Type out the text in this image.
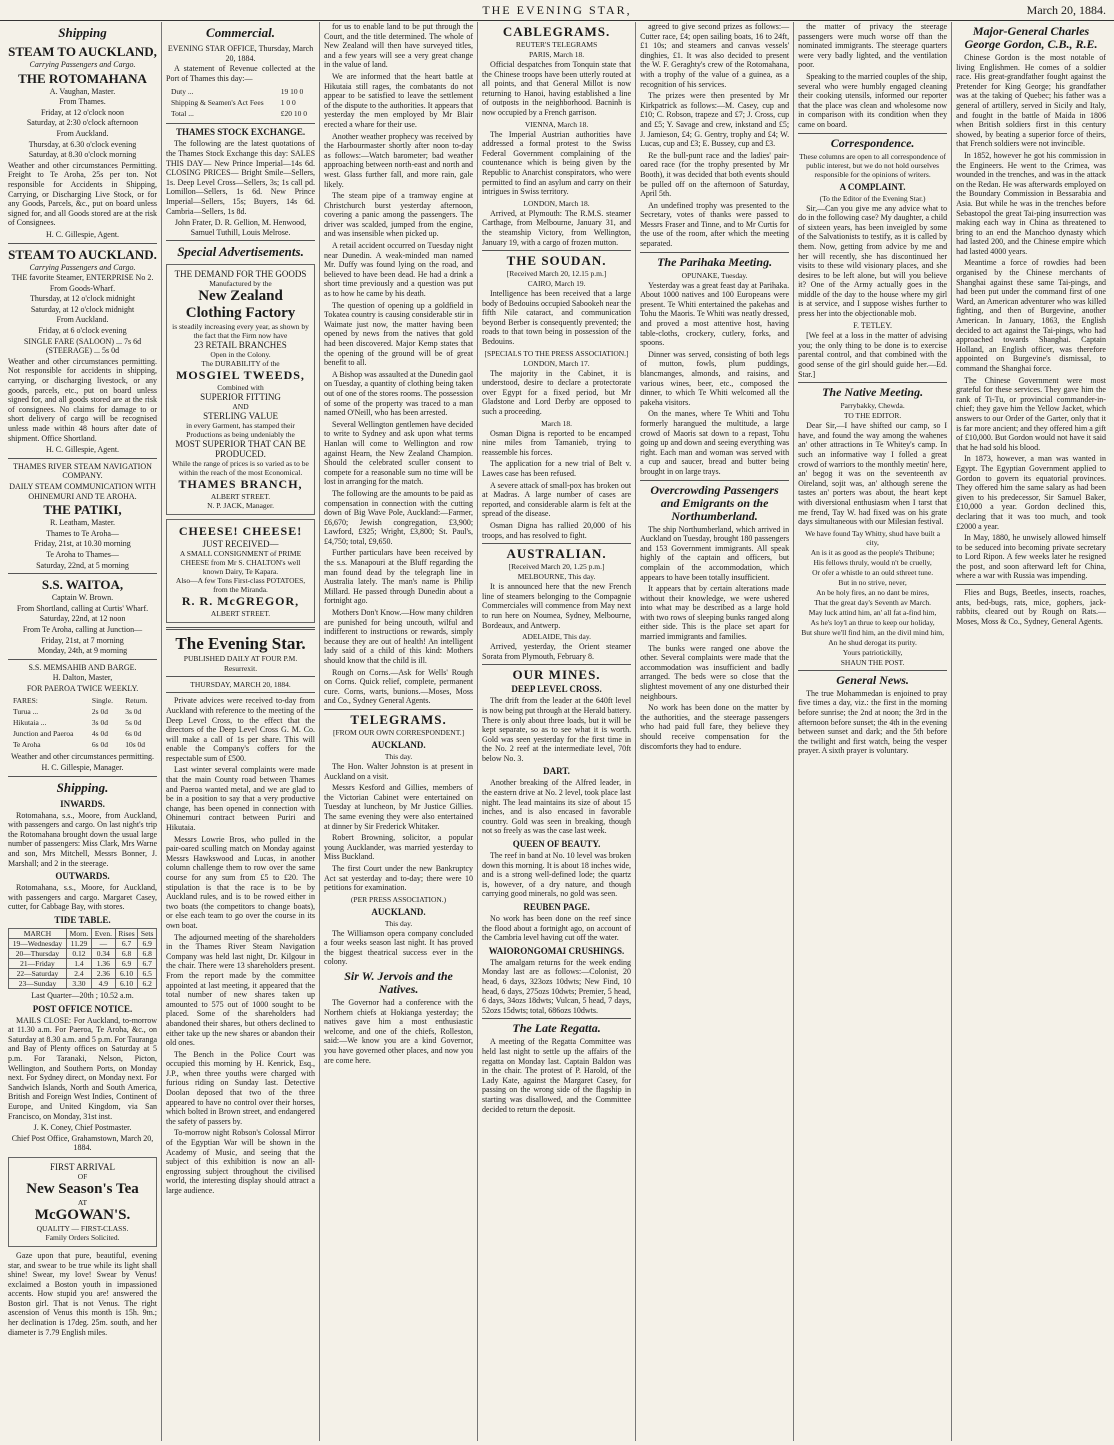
THE EVENING STAR,	March 20, 1884.
Shipping
STEAM TO AUCKLAND,
Carrying Passengers and Cargo.
THE ROTOMAHANA
A. Vaughan, Master.
From Thames.
Friday, at 12 o'clock noon
Saturday, at 2:30 o'clock afternoon
From Auckland.
Thursday, at 6.30 o'clock evening
Saturday, at 8.30 o'clock morning

Weather and other circumstances Permitting. Freight to Te Aroha, 25s per ton. Not responsible for Accidents in Shipping, Carrying, or Discharging Live Stock, or for any Goods, Parcels, &c., put on board unless signed for, and all Goods stored are at the risk of Consignees.

H. C. Gillespie, Agent.
STEAM TO AUCKLAND.
Carrying Passengers and Cargo.
THE favorite Steamer, ENTERPRISE No 2.
From Goods-Wharf.
Thursday, at 12 o'clock midnight
Saturday, at 12 o'clock midnight
From Auckland.
Friday, at 6 o'clock evening
SINGLE FARE (SALOON) ... 7s 6d (STEERAGE) ... 5s 0d

Weather and other circumstances permitting. Not responsible for accidents in shipping, carrying, or discharging livestock, or any goods, parcels, etc., put on board unless signed for, and all goods stored are at the risk of consignees. No claims for damage to or short delivery of cargo will be recognised unless made within 48 hours after date of shipment. Office Shortland.

H. C. Gillespie, Agent.
THAMES RIVER STEAM NAVIGATION COMPANY.
DAILY STEAM COMMUNICATION WITH OHINEMURI AND TE AROHA.
THE PATIKI,
R. Leatham, Master.
Thames to Te Aroha—
Friday, 21st, at 10.30 morning
Te Aroha to Thames—
Saturday, 22nd, at 5 morning
S.S. WAITOA,
Captain W. Brown.
From Shortland, calling at Curtis' Wharf.
Saturday, 22nd, at 12 noon
From Te Aroha, calling at Junction—
Friday, 21st, at 7 morning
Monday, 24th, at 9 morning
S.S. MEMSAHIB AND BARGE.
H. Dalton, Master,
FOR PAEROA TWICE WEEKLY.
FARES:	Single.	Return.
Turua ...	2s 0d	3s 0d
Hikutaia ...	3s 0d	5s 0d
Junction and Paeroa	4s 0d	6s 0d
Te Aroha	6s 0d	10s 0d
Weather and other circumstances permitting.
H. C. Gillespie, Manager.
Shipping.
INWARDS.

Rotomahana, s.s., Moore, from Auckland, with passengers and cargo. On last night's trip the Rotomahana brought down the usual large number of passengers: Miss Clark, Mrs Warne and son, Mrs Mitchell, Messrs Bonner, J. Marshall; and 2 in the steerage.

OUTWARDS.

Rotomahana, s.s., Moore, for Auckland, with passengers and cargo. Margaret Casey, cutter, for Cabbage Bay, with stores.

TIDE TABLE.
MARCH	Morn.	Even.	Rises	Sets
19—Wednesday	11.29	—	6.7	6.9
20—Thursday	0.12	0.34	6.8	6.8
21—Friday	1.4	1.36	6.9	6.7
22—Saturday	2.4	2.36	6.10	6.5
23—Sunday	3.30	4.9	6.10	6.2
Last Quarter—20th ; 10.52 a.m.
POST OFFICE NOTICE.

MAILS CLOSE: For Auckland, to-morrow at 11.30 a.m. For Paeroa, Te Aroha, &c., on Saturday at 8.30 a.m. and 5 p.m. For Tauranga and Bay of Plenty offices on Saturday at 5 p.m. For Taranaki, Nelson, Picton, Wellington, and Southern Ports, on Monday next. For Sydney direct, on Monday next. For Sandwich Islands, North and South America, British and Foreign West Indies, Continent of Europe, and United Kingdom, via San Francisco, on Monday, 31st inst.

J. K. Coney, Chief Postmaster.
Chief Post Office, Grahamstown, March 20, 1884.
FIRST ARRIVAL
OF
New Season's Tea
AT
McGOWAN'S.
QUALITY — FIRST-CLASS.
Family Orders Solicited.

Gaze upon that pure, beautiful, evening star, and swear to be true while its light shall shine! Swear, my love! Swear by Venus! exclaimed a Boston youth in impassioned accents. How stupid you are! answered the Boston girl. That is not Venus. The right ascension of Venus this month is 15h. 9m.; her declination is 17deg. 25m. south, and her diameter is 7.79 English miles.

Commercial.
EVENING STAR OFFICE, Thursday, March 20, 1884.

A statement of Revenue collected at the Port of Thames this day:—

Duty ...	19 10 0
Shipping & Seamen's Act Fees	1 0 0
Total ...	£20 10 0
THAMES STOCK EXCHANGE.

The following are the latest quotations of the Thames Stock Exchange this day: SALES THIS DAY— New Prince Imperial—14s 6d. CLOSING PRICES— Bright Smile—Sellers, 1s. Deep Level Cross—Sellers, 3s; 1s call pd. Lomillon—Sellers, 1s 6d. New Prince Imperial—Sellers, 15s; Buyers, 14s 6d. Cambria—Sellers, 1s 8d.

John Frater, D. R. Gellion, M. Henwood, Samuel Tuthill, Louis Melrose.
Special Advertisements.
THE DEMAND FOR THE GOODS
Manufactured by the
New Zealand Clothing Factory
is steadily increasing every year, as shown by the fact that the Firm now have
23 RETAIL BRANCHES
Open in the Colony.
The DURABILITY of the
MOSGIEL TWEEDS,
Combined with
SUPERIOR FITTING
AND
STERLING VALUE
in every Garment, has stamped their Productions as being undeniably the
MOST SUPERIOR THAT CAN BE PRODUCED.
While the range of prices is so varied as to be within the reach of the most Economical.
THAMES BRANCH,
ALBERT STREET.
N. P. JACK, Manager.
CHEESE! CHEESE!
JUST RECEIVED—
A SMALL CONSIGNMENT of PRIME CHEESE from Mr S. CHALTON's well known Dairy, Te Kapara.
Also—A few Tons First-class POTATOES, from the Miranda.
R. R. McGREGOR,
ALBERT STREET.
The Evening Star.
PUBLISHED DAILY AT FOUR P.M.
Resurrexit.
THURSDAY, MARCH 20, 1884.

Private advices were received to-day from Auckland with reference to the meeting of the Deep Level Cross, to the effect that the directors of the Deep Level Cross G. M. Co. will make a call of 1s per share. This will enable the Company's coffers for the respectable sum of £500.

Last winter several complaints were made that the main County road between Thames and Paeroa wanted metal, and we are glad to be in a position to say that a very productive change, has been opened in connection with Ohinemuri contract between Puriri and Hikutaia.

Messrs Lowrie Bros, who pulled in the pair-oared sculling match on Monday against Messrs Hawkswood and Lucas, in another column challenge them to row over the same course for any sum from £5 to £20. The stipulation is that the race is to be by Auckland rules, and is to be rowed either in two boats (the competitors to change boats), or else each team to go over the course in its own boat.

The adjourned meeting of the shareholders in the Thames River Steam Navigation Company was held last night, Dr. Kilgour in the chair. There were 13 shareholders present. From the report made by the committee appointed at last meeting, it appeared that the total number of new shares taken up amounted to 575 out of 1000 sought to be placed. Some of the shareholders had abandoned their shares, but others declined to either take up the new shares or abandon their old ones.

The Bench in the Police Court was occupied this morning by H. Kenrick, Esq., J.P., when three youths were charged with furious riding on Sunday last. Detective Doolan deposed that two of the three appeared to have no control over their horses, which bolted in Brown street, and endangered the safety of passers by.

To-morrow night Robson's Colossal Mirror of the Egyptian War will be shown in the Academy of Music, and seeing that the subject of this exhibition is now an all-engrossing subject throughout the civilised world, the interesting display should attract a large audience.

for us to enable land to be put through the Court, and the title determined. The whole of New Zealand will then have surveyed titles, and a few years will see a very great change in the value of land.

We are informed that the heart battle at Hikutaia still rages, the combatants do not appear to be satisfied to leave the settlement of the dispute to the authorities. It appears that yesterday the men employed by Mr Blair erected a whare for their use.

Another weather prophecy was received by the Harbourmaster shortly after noon to-day as follows:—Watch barometer; bad weather approaching between north-east and north and west. Glass further fall, and more rain, gale likely.

The steam pipe of a tramway engine at Christchurch burst yesterday afternoon, covering a panic among the passengers. The driver was scalded, jumped from the engine, and was insensible when picked up.

A retail accident occurred on Tuesday night near Dunedin. A weak-minded man named Mr. Duffy was found lying on the road, and believed to have been dead. He had a drink a short time previously and a question was put as to how he came by his death.

The question of opening up a goldfield in Tokatea country is causing considerable stir in Waimate just now, the matter having been opened by news from the natives that gold had been discovered. Major Kemp states that the opening of the ground will be of great benefit to all.

A Bishop was assaulted at the Dunedin gaol on Tuesday, a quantity of clothing being taken out of one of the stores rooms. The possession of some of the property was traced to a man named O'Neill, who has been arrested.

Several Wellington gentlemen have decided to write to Sydney and ask upon what terms Hanlan will come to Wellington and row against Hearn, the New Zealand Champion. Should the celebrated sculler consent to compete for a reasonable sum no time will be lost in arranging for the match.

The following are the amounts to be paid as compensation in connection with the cutting down of Big Wave Pole, Auckland:—Farmer, £6,670; Jewish congregation, £3,900; Lawford, £325; Wright, £3,800; St. Paul's, £4,750; total, £9,650.

Further particulars have been received by the s.s. Manapouri at the Bluff regarding the man found dead by the telegraph line in Australia lately. The man's name is Philip Millard. He passed through Dunedin about a fortnight ago.

Mothers Don't Know.—How many children are punished for being uncouth, wilful and indifferent to instructions or rewards, simply because they are out of health! An intelligent lady said of a child of this kind: Mothers should know that the child is ill.

Rough on Corns.—Ask for Wells' Rough on Corns. Quick relief, complete, permanent cure. Corns, warts, bunions.—Moses, Moss and Co., Sydney General Agents.

TELEGRAMS.
[FROM OUR OWN CORRESPONDENT.]
AUCKLAND.
This day.

The Hon. Walter Johnston is at present in Auckland on a visit.

Messrs Kesford and Gillies, members of the Victorian Cabinet were entertained on Tuesday at luncheon, by Mr Justice Gillies. The same evening they were also entertained at dinner by Sir Frederick Whitaker.

Robert Browning, solicitor, a popular young Aucklander, was married yesterday to Miss Buckland.

The first Court under the new Bankruptcy Act sat yesterday and to-day; there were 10 petitions for examination.

(PER PRESS ASSOCIATION.)
AUCKLAND.
This day.

The Williamson opera company concluded a four weeks season last night. It has proved the biggest theatrical success ever in the colony.

Sir W. Jervois and the Natives.

The Governor had a conference with the Northern chiefs at Hokianga yesterday; the natives gave him a most enthusiastic welcome, and one of the chiefs, Rolleston, said:—We know you are a kind Governor, you have governed other places, and now you are come here.

CABLEGRAMS.
REUTER'S TELEGRAMS
PARIS, March 18.

Official despatches from Tonquin state that the Chinese troops have been utterly routed at all points, and that General Millot is now returning to Hanoi, having established a line of outposts in the neighborhood. Bacninh is now occupied by a French garrison.

VIENNA, March 18.

The Imperial Austrian authorities have addressed a formal protest to the Swiss Federal Government complaining of the countenance which is being given by the Republic to Anarchist conspirators, who were permitted to find an asylum and carry on their intrigues in Swiss territory.

LONDON, March 18.

Arrived, at Plymouth: The R.M.S. steamer Carthage, from Melbourne, January 31, and the steamship Victory, from Wellington, January 19, with a cargo of frozen mutton.

THE SOUDAN.
[Received March 20, 12.15 p.m.]
CAIRO, March 19.

Intelligence has been received that a large body of Bedouins occupied Sabookeh near the fifth Nile cataract, and communication beyond Berber is consequently prevented; the roads to that town being in possession of the Bedouins.

[SPECIALS TO THE PRESS ASSOCIATION.]
LONDON, March 17.

The majority in the Cabinet, it is understood, desire to declare a protectorate over Egypt for a fixed period, but Mr Gladstone and Lord Derby are opposed to such a proceeding.

March 18.

Osman Digna is reported to be encamped nine miles from Tamanieb, trying to reassemble his forces.

The application for a new trial of Belt v. Lawes case has been refused.

A severe attack of small-pox has broken out at Madras. A large number of cases are reported, and considerable alarm is felt at the spread of the disease.

Osman Digna has rallied 20,000 of his troops, and has resolved to fight.

AUSTRALIAN.
[Received March 20, 1.25 p.m.]
MELBOURNE, This day.

It is announced here that the new French line of steamers belonging to the Compagnie Commerciales will commence from May next to run here on Noumea, Sydney, Melbourne, Bordeaux, and Antwerp.

ADELAIDE, This day.

Arrived, yesterday, the Orient steamer Sorata from Plymouth, February 8.

OUR MINES.
DEEP LEVEL CROSS.

The drift from the leader at the 640ft level is now being put through at the Herald battery. There is only about three loads, but it will be kept separate, so as to see what it is worth. Gold was seen yesterday for the first time in the No. 2 reef at the intermediate level, 70ft below No. 3.

DART.

Another breaking of the Alfred leader, in the eastern drive at No. 2 level, took place last night. The lead maintains its size of about 15 inches, and is also encased in favorable country. Gold was seen in breaking, though not so freely as was the case last week.

QUEEN OF BEAUTY.

The reef in band at No. 10 level was broken down this morning. It is about 18 inches wide, and is a strong well-defined lode; the quartz is, however, of a dry nature, and though carrying good minerals, no gold was seen.

REUBEN PAGE.

No work has been done on the reef since the flood about a fortnight ago, on account of the Cambria level having cut off the water.

WAIORONGOMAI CRUSHINGS.

The amalgam returns for the week ending Monday last are as follows:—Colonist, 20 head, 6 days, 323ozs 10dwts; New Find, 10 head, 6 days, 275ozs 10dwts; Premier, 5 head, 6 days, 34ozs 18dwts; Vulcan, 5 head, 7 days, 52ozs 15dwts; total, 686ozs 10dwts.

The Late Regatta.

A meeting of the Regatta Committee was held last night to settle up the affairs of the regatta on Monday last. Captain Baldon was in the chair. The protest of P. Harold, of the Lady Kate, against the Margaret Casey, for passing on the wrong side of the flagship in starting was disallowed, and the Committee decided to return the deposit.

agreed to give second prizes as follows:—Cutter race, £4; open sailing boats, 16 to 24ft, £1 10s; and steamers and canvas vessels' dinghies, £1. It was also decided to present the W. F. Geraghty's crew of the Rotomahana, with a trophy of the value of a guinea, as a recognition of his services.

The prizes were then presented by Mr Kirkpatrick as follows:—M. Casey, cup and £10; C. Robson, trapeze and £7; J. Cross, cup and £5; Y. Savage and crew, inkstand and £5; J. Jamieson, £4; G. Gentry, trophy and £4; W. Lucas, cup and £3; E. Bussey, cup and £3.

Re the bull-punt race and the ladies' pair-oared race (for the trophy presented by Mr Booth), it was decided that both events should be pulled off on the afternoon of Saturday, April 5th.

An undefined trophy was presented to the Secretary, votes of thanks were passed to Messrs Fraser and Tinne, and to Mr Curtis for the use of the room, after which the meeting separated.

The Parihaka Meeting.
OPUNAKE, Tuesday.

Yesterday was a great feast day at Parihaka. About 1000 natives and 100 Europeans were present. Te Whiti entertained the pakehas and Tohu the Maoris. Te Whiti was neatly dressed, and proved a most attentive host, having table-cloths, crockery, cutlery, forks, and spoons.

Dinner was served, consisting of both legs of mutton, fowls, plum puddings, blancmanges, almonds, and raisins, and various wines, beer, etc., composed the dinner, to which Te Whiti welcomed all the pakeha visitors.

On the manes, where Te Whiti and Tohu formerly harangued the multitude, a large crowd of Maoris sat down to a repast, Tohu going up and down and seeing everything was right. Each man and woman was served with a cup and saucer, bread and butter being brought in on large trays.

Overcrowding Passengers and Emigrants on the Northumberland.

The ship Northumberland, which arrived in Auckland on Tuesday, brought 180 passengers and 153 Government immigrants. All speak highly of the captain and officers, but complain of the accommodation, which appears to have been totally insufficient.

It appears that by certain alterations made without their knowledge, we were ushered into what may be described as a large hold with two rows of sleeping bunks ranged along either side. This is the place set apart for married immigrants and families.

The bunks were ranged one above the other. Several complaints were made that the accommodation was insufficient and badly arranged. The beds were so close that the slightest movement of any one disturbed their neighbours.

No work has been done on the matter by the authorities, and the steerage passengers who had paid full fare, they believe they should receive compensation for the discomforts they had to endure.

the matter of privacy the steerage passengers were much worse off than the nominated immigrants. The steerage quarters were very badly lighted, and the ventilation poor.

Speaking to the married couples of the ship, several who were humbly engaged cleaning their cooking utensils, informed our reporter that the place was clean and wholesome now in comparison with its condition when they came on board.

Correspondence.
These columns are open to all correspondence of public interest, but we do not hold ourselves responsible for the opinions of writers.
A COMPLAINT.
(To the Editor of the Evening Star.)

Sir,—Can you give me any advice what to do in the following case? My daughter, a child of sixteen years, has been inveigled by some of the Salvationists to testify, as it is called by them. Now, getting from advice by me and her will recently, she has discontinued her visits to these wild visionary places, and she desires to be left alone, but will you believe it? One of the Army actually goes in the middle of the day to the house where my girl is at service, and I suppose wishes further to press her into the objectionable mob.

F. TETLEY.

[We feel at a loss in the matter of advising you; the only thing to be done is to exercise parental control, and that combined with the good sense of the girl should guide her.—Ed. Star.]

The Native Meeting.
Parrybakky, Chewda.
TO THE EDITOR.

Dear Sir,—I have shifted our camp, so I have, and found the way among the wahenes an' other attractions in Te Whitey's camp. In such an informative way I folled a great crowd of warriors to the monthly meetin' here, an' begog it was on the seventeenth av Oireland, sojit was, an' although serene the tastes an' porters was about, the heart kept with diversional enthusiasm when I tarst that me frend, Tay W. had fixed was on his grate days simultaneous with our Milesian festival.

We have found Tay Whitty, shud have built a city,
An is it as good as the people's Thribune;
His fellows thruly, would n't be cruelly,
Or ofer a whistle to an ould sthreet tune.
But in no strive, never,
An be holy fires, an no dant be mires,
That the great day's Seventh av March.
May luck attind him, an' all fat a-find him,
As he's loy'l an thrue to keep our holiday,
But shure we'll find him, an the divil mind him,
An he shud derogat its purity.
Yours patriotickilly,
SHAUN THE POST.
General News.

The true Mohammedan is enjoined to pray five times a day, viz.: the first in the morning before sunrise; the 2nd at noon; the 3rd in the afternoon before sunset; the 4th in the evening between sunset and dark; and the 5th before the twilight and first watch, being the vesper prayer. A sixth prayer is voluntary.

Major-General Charles George Gordon, C.B., R.E.

Chinese Gordon is the most notable of living Englishmen. He comes of a soldier race. His great-grandfather fought against the Pretender for King George; his grandfather was at the taking of Quebec; his father was a general of artillery, served in Sicily and Italy, and fought in the battle of Maida in 1806 when British soldiers first in this century showed, by beating a superior force of theirs, that French soldiers were not invincible.

In 1852, however he got his commission in the Engineers. He went to the Crimea, was wounded in the trenches, and was in the attack on the Redan. He was afterwards employed on the Boundary Commission in Bessarabia and Asia. But while he was in the trenches before Sebastopol the great Tai-ping insurrection was making each way in China as threatened to bring to an end the Manchoo dynasty which had lasted 200, and the Chinese empire which had lasted 4000 years.

Meantime a force of rowdies had been organised by the Chinese merchants of Shanghai against these same Tai-pings, and had been put under the command first of one Ward, an American adventurer who was killed fighting, and then of Burgevine, another American. In January, 1863, the English decided to act against the Tai-pings, who had approached towards Shanghai. Captain Holland, an English officer, was therefore appointed on Burgevine's dismissal, to command the Shanghai force.

The Chinese Government were most grateful for these services. They gave him the rank of Ti-Tu, or provincial commander-in-chief; they gave him the Yellow Jacket, which answers to our Order of the Garter, only that it is far more ancient; and they offered him a gift of £10,000. But Gordon would not have it said that he had sold his blood.

In 1873, however, a man was wanted in Egypt. The Egyptian Government applied to Gordon to govern its equatorial provinces. They offered him the same salary as had been given to his predecessor, Sir Samuel Baker, £10,000 a year. Gordon declined this, declaring that it was too much, and took £2000 a year.

In May, 1880, he unwisely allowed himself to be seduced into becoming private secretary to Lord Ripon. A few weeks later he resigned the post, and soon afterward left for China, where a war with Russia was impending.

Flies and Bugs, Beetles, insects, roaches, ants, bed-bugs, rats, mice, gophers, jack-rabbits, cleared out by Rough on Rats.—Moses, Moss & Co., Sydney, General Agents.
